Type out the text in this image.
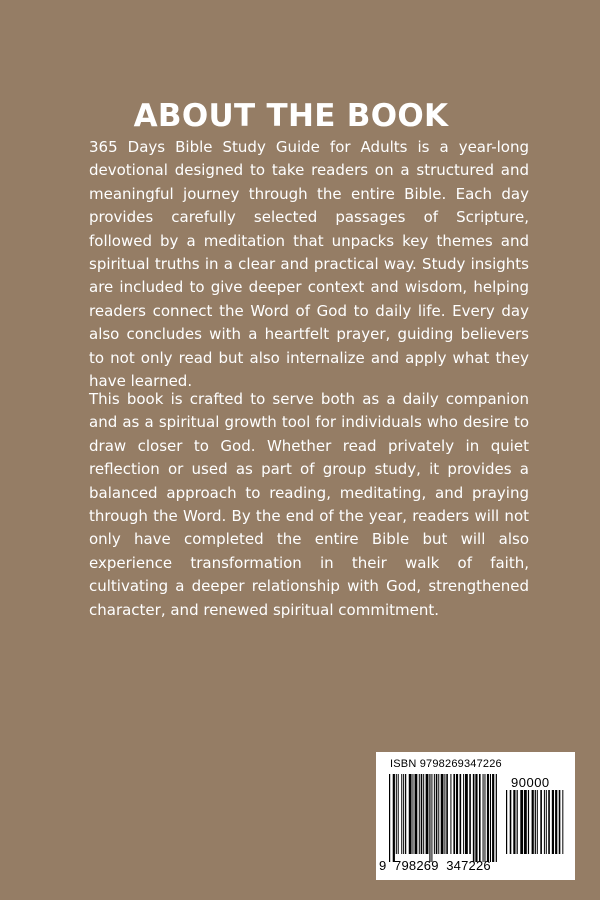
ABOUT THE BOOK

365 Days Bible Study Guide for Adults is a year-long devotional designed to take readers on a structured and meaningful journey through the entire Bible. Each day provides carefully selected passages of Scripture, followed by a meditation that unpacks key themes and spiritual truths in a clear and practical way. Study insights are included to give deeper context and wisdom, helping readers connect the Word of God to daily life. Every day also concludes with a heartfelt prayer, guiding believers to not only read but also internalize and apply what they have learned.

This book is crafted to serve both as a daily companion and as a spiritual growth tool for individuals who desire to draw closer to God. Whether read privately in quiet reflection or used as part of group study, it provides a balanced approach to reading, meditating, and praying through the Word. By the end of the year, readers will not only have completed the entire Bible but will also experience transformation in their walk of faith, cultivating a deeper relationship with God, strengthened character, and renewed spiritual commitment.

ISBN 9798269347226
90000
9  798269  347226
